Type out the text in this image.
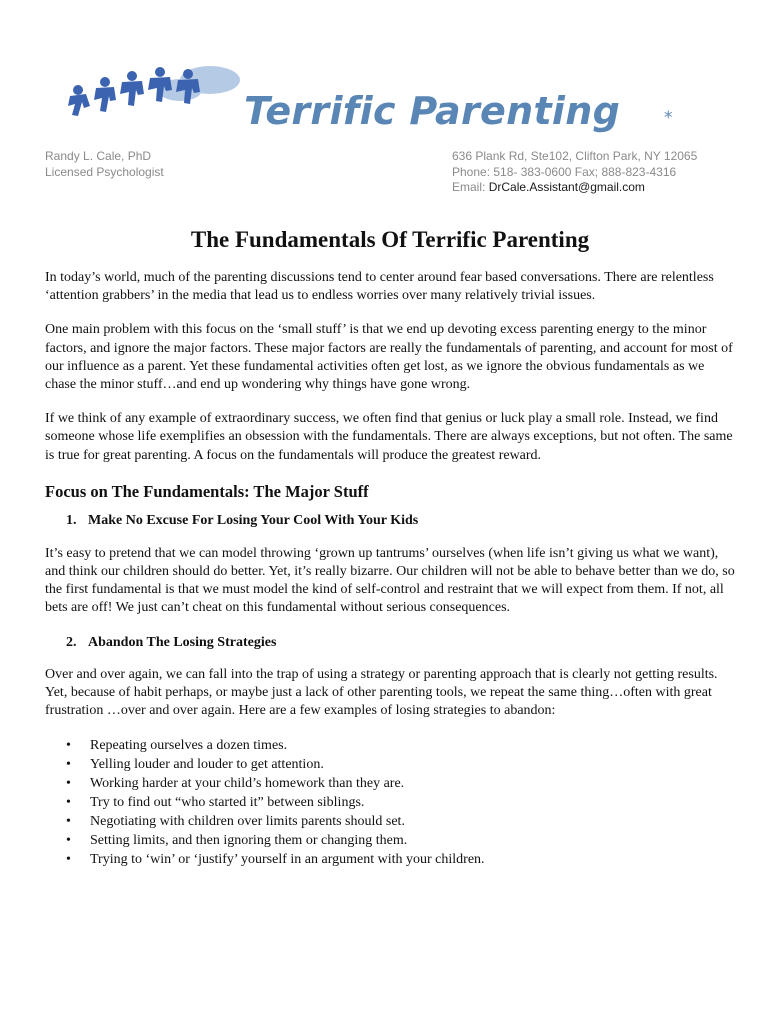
Terrific Parenting	*
Randy L. Cale, PhD
Licensed Psychologist
636 Plank Rd, Ste102, Clifton Park, NY 12065
Phone: 518- 383-0600 Fax; 888-823-4316
Email: DrCale.Assistant@gmail.com
The Fundamentals Of Terrific Parenting

In today’s world, much of the parenting discussions tend to center around fear based conversations. There are relentless ‘attention grabbers’ in the media that lead us to endless worries over many relatively trivial issues.

One main problem with this focus on the ‘small stuff’ is that we end up devoting excess parenting energy to the minor factors, and ignore the major factors. These major factors are really the fundamentals of parenting, and account for most of our influence as a parent. Yet these fundamental activities often get lost, as we ignore the obvious fundamentals as we chase the minor stuff…and end up wondering why things have gone wrong.

If we think of any example of extraordinary success, we often find that genius or luck play a small role. Instead, we find someone whose life exemplifies an obsession with the fundamentals. There are always exceptions, but not often. The same is true for great parenting. A focus on the fundamentals will produce the greatest reward.

Focus on The Fundamentals: The Major Stuff
1. Make No Excuse For Losing Your Cool With Your Kids

It’s easy to pretend that we can model throwing ‘grown up tantrums’ ourselves (when life isn’t giving us what we want), and think our children should do better. Yet, it’s really bizarre. Our children will not be able to behave better than we do, so the first fundamental is that we must model the kind of self-control and restraint that we will expect from them. If not, all bets are off! We just can’t cheat on this fundamental without serious consequences.

2. Abandon The Losing Strategies

Over and over again, we can fall into the trap of using a strategy or parenting approach that is clearly not getting results. Yet, because of habit perhaps, or maybe just a lack of other parenting tools, we repeat the same thing…often with great frustration …over and over again. Here are a few examples of losing strategies to abandon:

• Repeating ourselves a dozen times.
• Yelling louder and louder to get attention.
• Working harder at your child’s homework than they are.
• Try to find out “who started it” between siblings.
• Negotiating with children over limits parents should set.
• Setting limits, and then ignoring them or changing them.
• Trying to ‘win’ or ‘justify’ yourself in an argument with your children.
